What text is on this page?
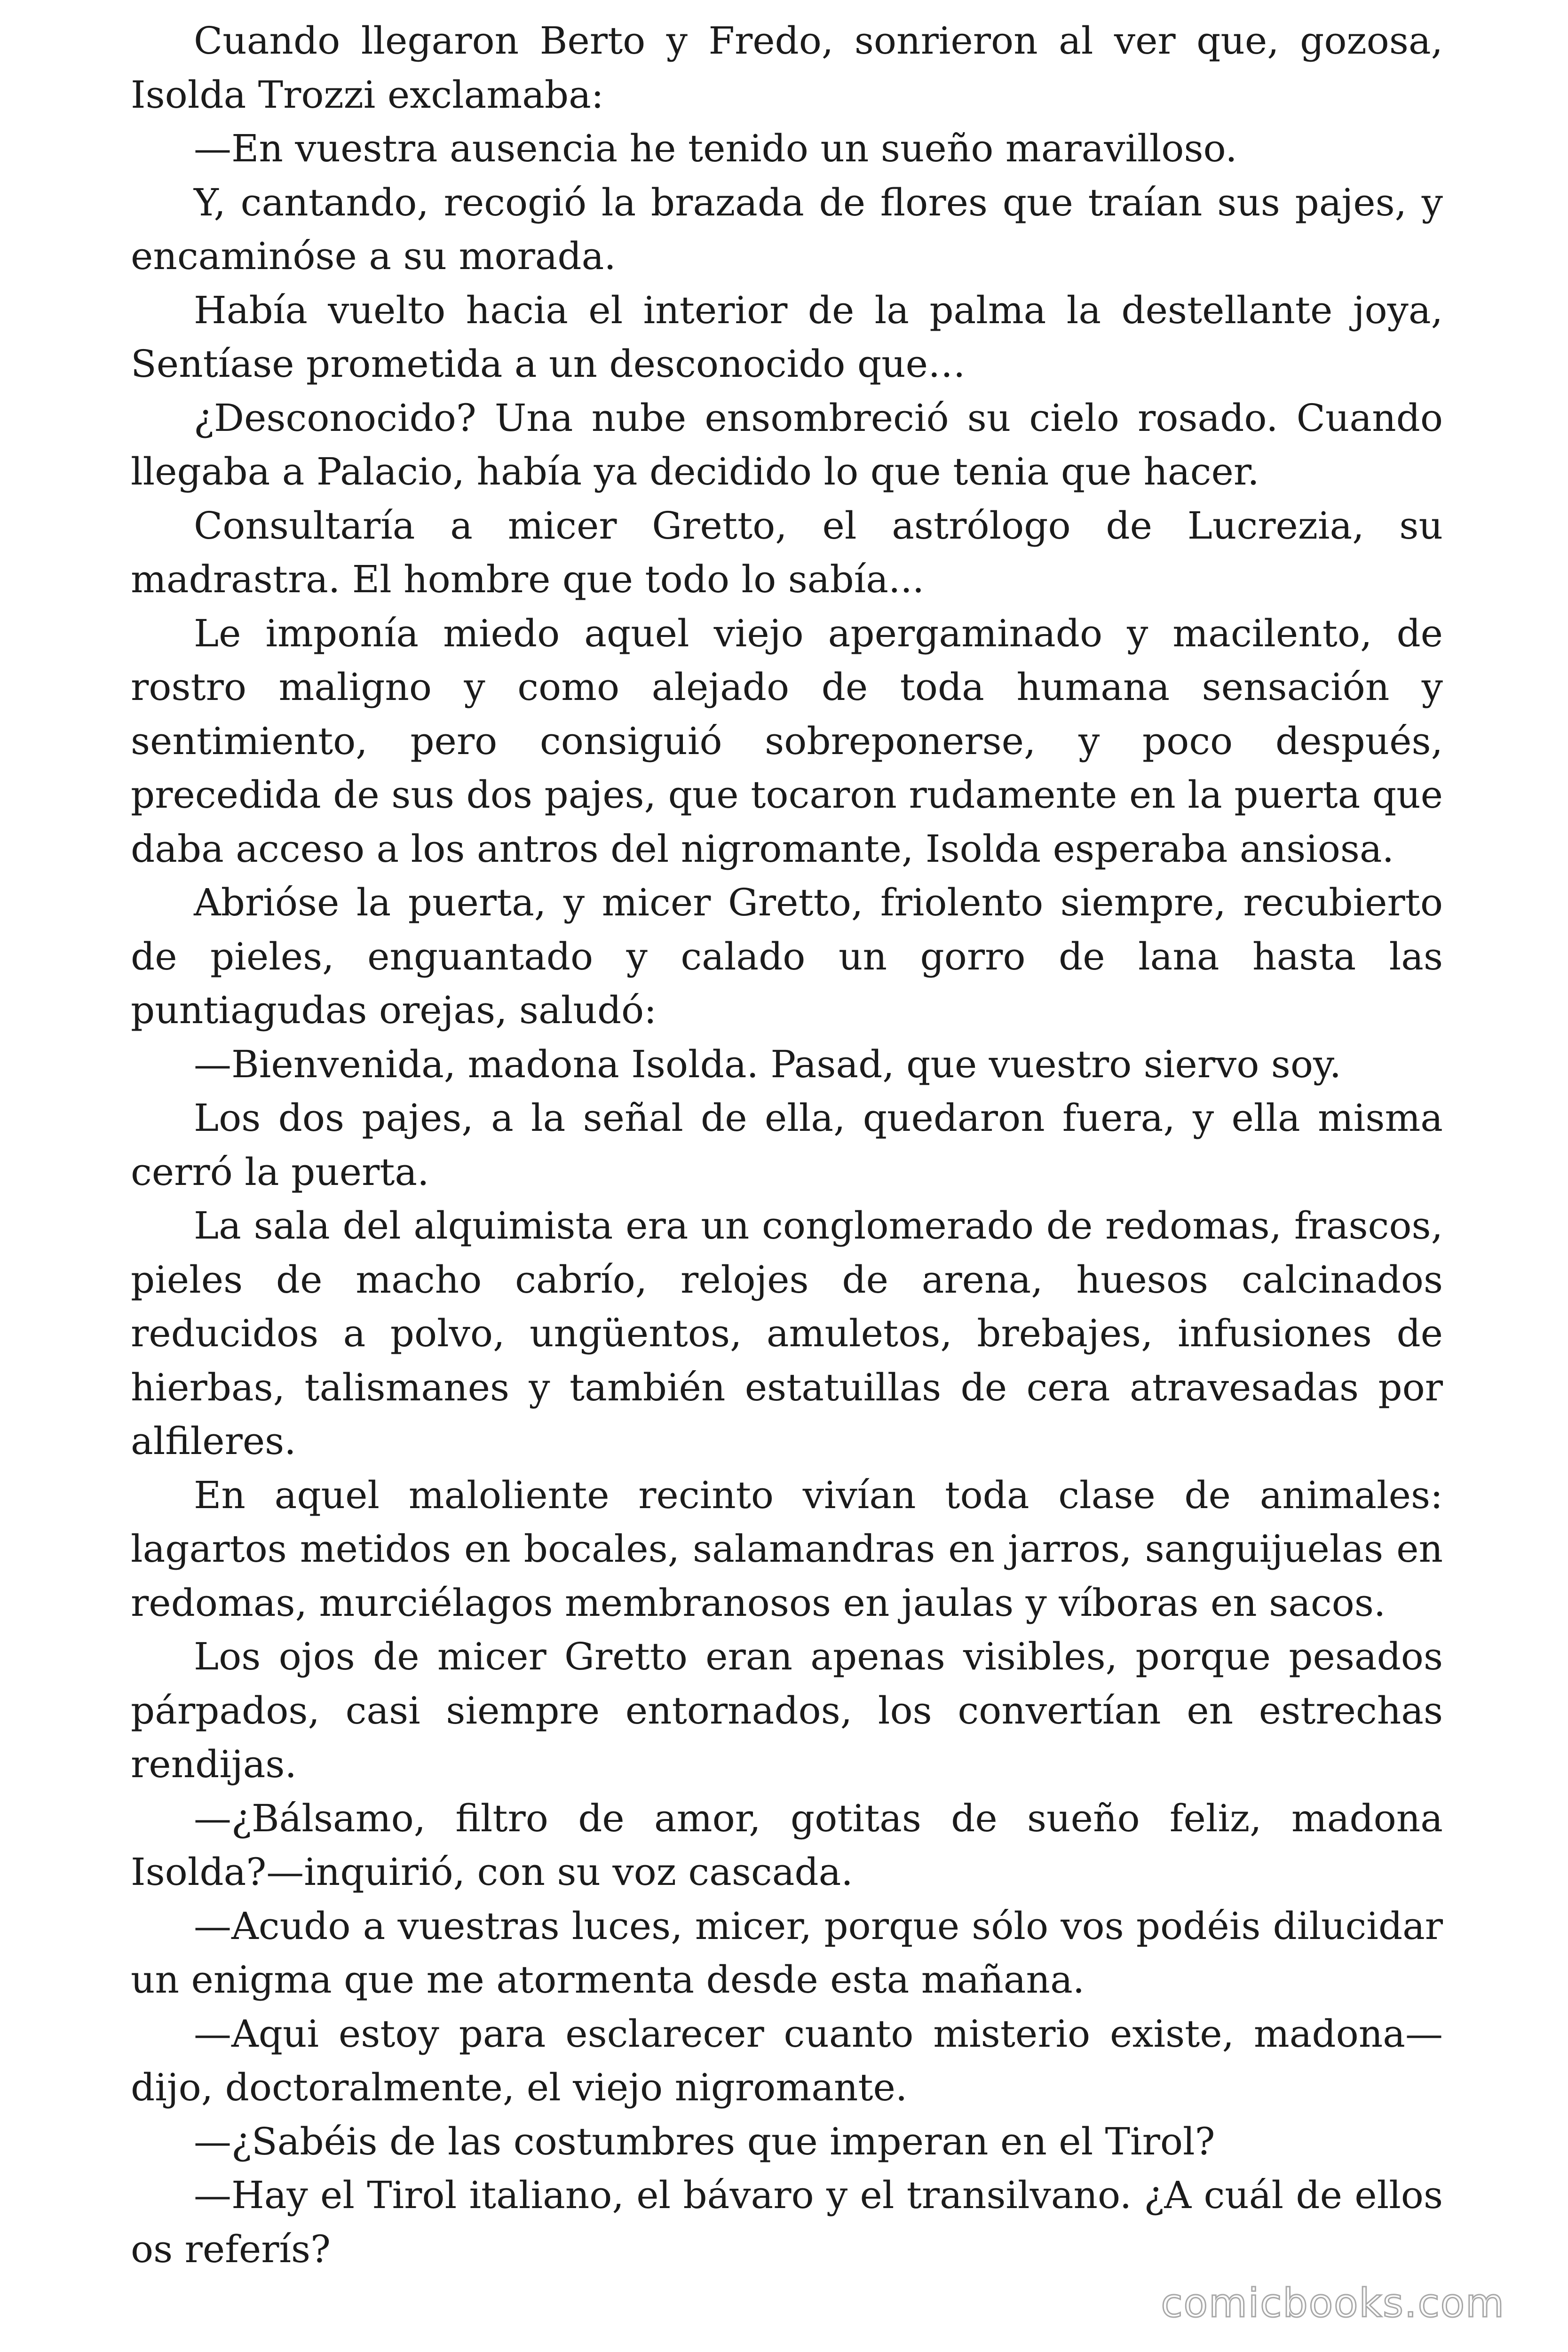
Cuando llegaron Berto y Fredo, sonrieron al ver que, gozosa, Isolda Trozzi exclamaba:

—En vuestra ausencia he tenido un sueño maravilloso.

Y, cantando, recogió la brazada de flores que traían sus pajes, y encaminóse a su morada.

Había vuelto hacia el interior de la palma la destellante joya, Sentíase prometida a un desconocido que…

¿Desconocido? Una nube ensombreció su cielo rosado. Cuando llegaba a Palacio, había ya decidido lo que tenia que hacer.

Consultaría a micer Gretto, el astrólogo de Lucrezia, su madrastra. El hombre que todo lo sabía...

Le imponía miedo aquel viejo apergaminado y macilento, de rostro maligno y como alejado de toda humana sensación y sentimiento, pero consiguió sobreponerse, y poco después, precedida de sus dos pajes, que tocaron rudamente en la puerta que daba acceso a los antros del nigromante, Isolda esperaba ansiosa.

Abrióse la puerta, y micer Gretto, friolento siempre, recubierto de pieles, enguantado y calado un gorro de lana hasta las puntiagudas orejas, saludó:

—Bienvenida, madona Isolda. Pasad, que vuestro siervo soy.

Los dos pajes, a la señal de ella, quedaron fuera, y ella misma cerró la puerta.

La sala del alquimista era un conglomerado de redomas, frascos, pieles de macho cabrío, relojes de arena, huesos calcinados reducidos a polvo, ungüentos, amuletos, brebajes, infusiones de hierbas, talismanes y también estatuillas de cera atravesadas por alfileres.

En aquel maloliente recinto vivían toda clase de animales: lagartos metidos en bocales, salamandras en jarros, sanguijuelas en redomas, murciélagos membranosos en jaulas y víboras en sacos.

Los ojos de micer Gretto eran apenas visibles, porque pesados párpados, casi siempre entornados, los convertían en estrechas rendijas.

—¿Bálsamo, filtro de amor, gotitas de sueño feliz, madona Isolda?—inquirió, con su voz cascada.

—Acudo a vuestras luces, micer, porque sólo vos podéis dilucidar un enigma que me atormenta desde esta mañana.

—Aqui estoy para esclarecer cuanto misterio existe, madona— dijo, doctoralmente, el viejo nigromante.

—¿Sabéis de las costumbres que imperan en el Tirol?

—Hay el Tirol italiano, el bávaro y el transilvano. ¿A cuál de ellos os referís?

comicbooks.com
